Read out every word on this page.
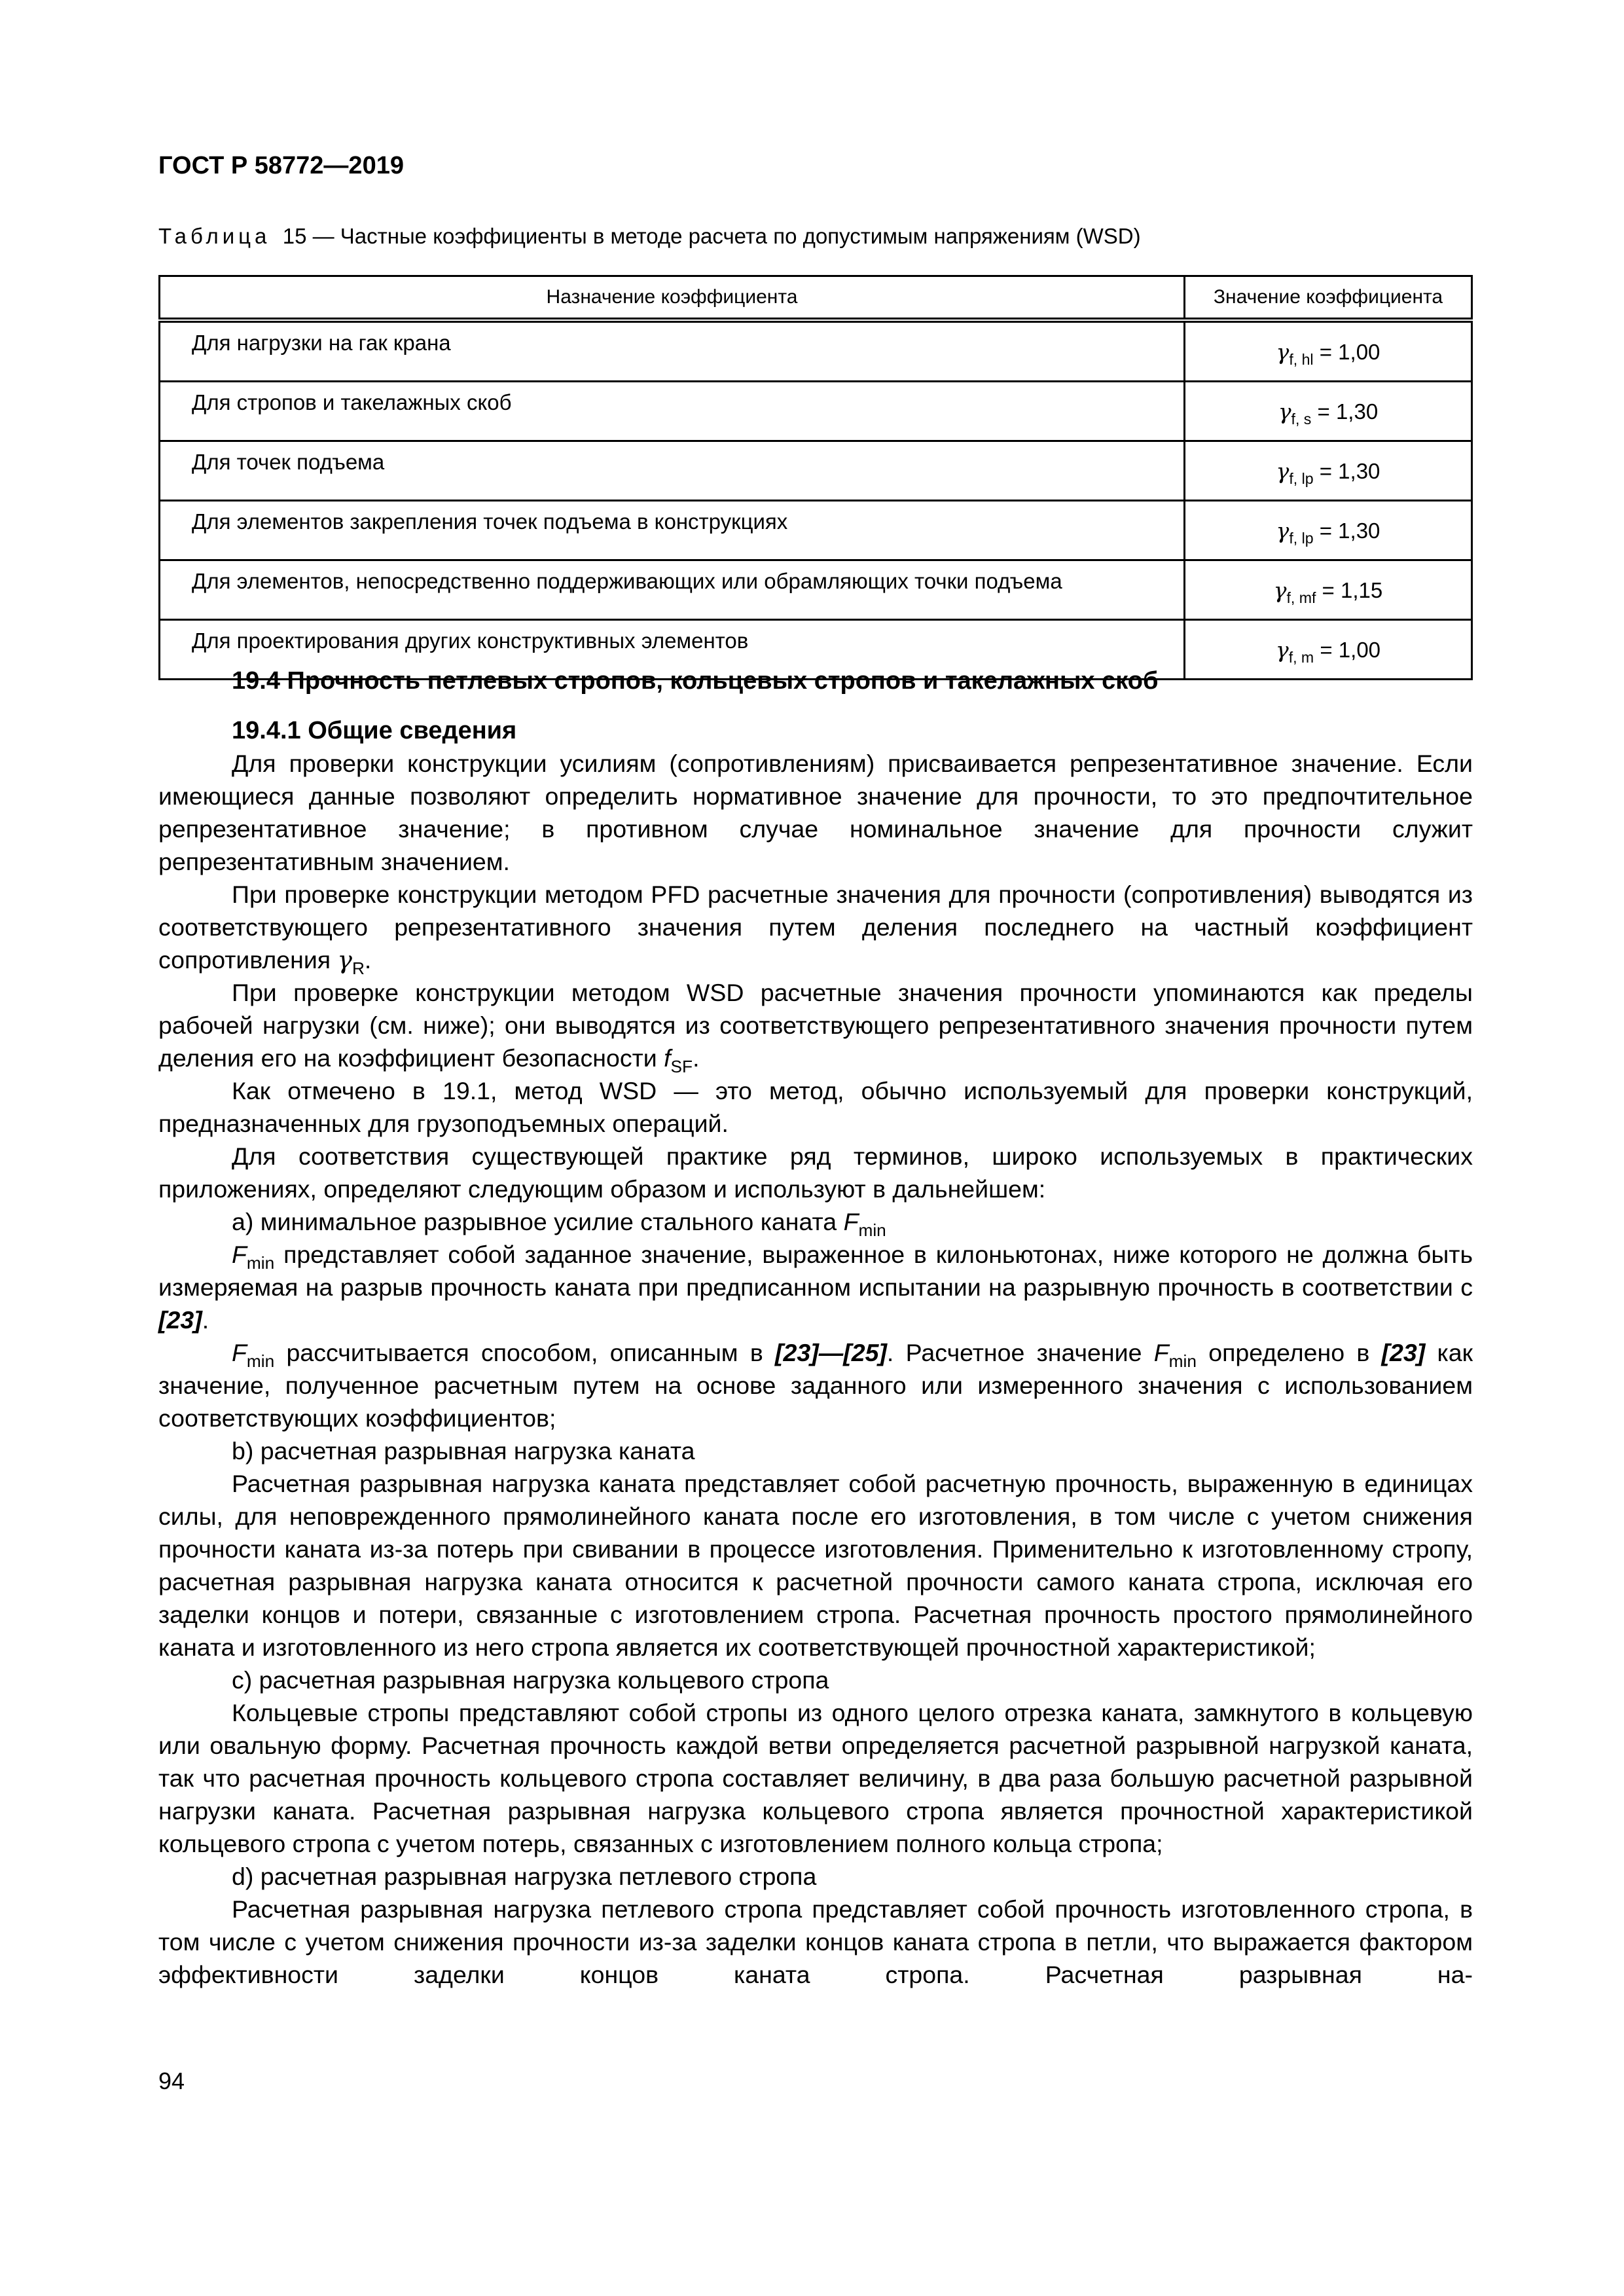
ГОСТ Р 58772—2019
Таблица 15 — Частные коэффициенты в методе расчета по допустимым напряжениям (WSD)
Назначение коэффициента	Значение коэффициента
Для нагрузки на гак крана	$\gamma_{f, hl} = 1,00$
Для стропов и такелажных скоб	$\gamma_{f, s} = 1,30$
Для точек подъема	$\gamma_{f, lp} = 1,30$
Для элементов закрепления точек подъема в конструкциях	$\gamma_{f, lp} = 1,30$
Для элементов, непосредственно поддерживающих или обрамляющих точки подъема	$\gamma_{f, mf} = 1,15$
Для проектирования других конструктивных элементов	$\gamma_{f, m} = 1,00$
19.4 Прочность петлевых стропов, кольцевых стропов и такелажных скоб
19.4.1 Общие сведения

Для проверки конструкции усилиям (сопротивлениям) присваивается репрезентативное значение. Если имеющиеся данные позволяют определить нормативное значение для прочности, то это предпочтительное репрезентативное значение; в противном случае номинальное значение для прочности служит репрезентативным значением.

При проверке конструкции методом PFD расчетные значения для прочности (сопротивления) выводятся из соответствующего репрезентативного значения путем деления последнего на частный коэффициент сопротивления $\gamma_R$.

При проверке конструкции методом WSD расчетные значения прочности упоминаются как пределы рабочей нагрузки (см. ниже); они выводятся из соответствующего репрезентативного значения прочности путем деления его на коэффициент безопасности $f_{SF}$.

Как отмечено в 19.1, метод WSD — это метод, обычно используемый для проверки конструкций, предназначенных для грузоподъемных операций.

Для соответствия существующей практике ряд терминов, широко используемых в практических приложениях, определяют следующим образом и используют в дальнейшем:

a) минимальное разрывное усилие стального каната $F_{min}$

$F_{min}$ представляет собой заданное значение, выраженное в килоньютонах, ниже которого не должна быть измеряемая на разрыв прочность каната при предписанном испытании на разрывную прочность в соответствии с [23].

$F_{min}$ рассчитывается способом, описанным в [23]—[25]. Расчетное значение $F_{min}$ определено в [23] как значение, полученное расчетным путем на основе заданного или измеренного значения с использованием соответствующих коэффициентов;

b) расчетная разрывная нагрузка каната

Расчетная разрывная нагрузка каната представляет собой расчетную прочность, выраженную в единицах силы, для неповрежденного прямолинейного каната после его изготовления, в том числе с учетом снижения прочности каната из-за потерь при свивании в процессе изготовления. Применительно к изготовленному стропу, расчетная разрывная нагрузка каната относится к расчетной прочности самого каната стропа, исключая его заделки концов и потери, связанные с изготовлением стропа. Расчетная прочность простого прямолинейного каната и изготовленного из него стропа является их соответствующей прочностной характеристикой;

c) расчетная разрывная нагрузка кольцевого стропа

Кольцевые стропы представляют собой стропы из одного целого отрезка каната, замкнутого в кольцевую или овальную форму. Расчетная прочность каждой ветви определяется расчетной разрывной нагрузкой каната, так что расчетная прочность кольцевого стропа составляет величину, в два раза большую расчетной разрывной нагрузки каната. Расчетная разрывная нагрузка кольцевого стропа является прочностной характеристикой кольцевого стропа с учетом потерь, связанных с изготовлением полного кольца стропа;

d) расчетная разрывная нагрузка петлевого стропа

Расчетная разрывная нагрузка петлевого стропа представляет собой прочность изготовленного стропа, в том числе с учетом снижения прочности из-за заделки концов каната стропа в петли, что выражается фактором эффективности заделки концов каната стропа. Расчетная разрывная на-

94
